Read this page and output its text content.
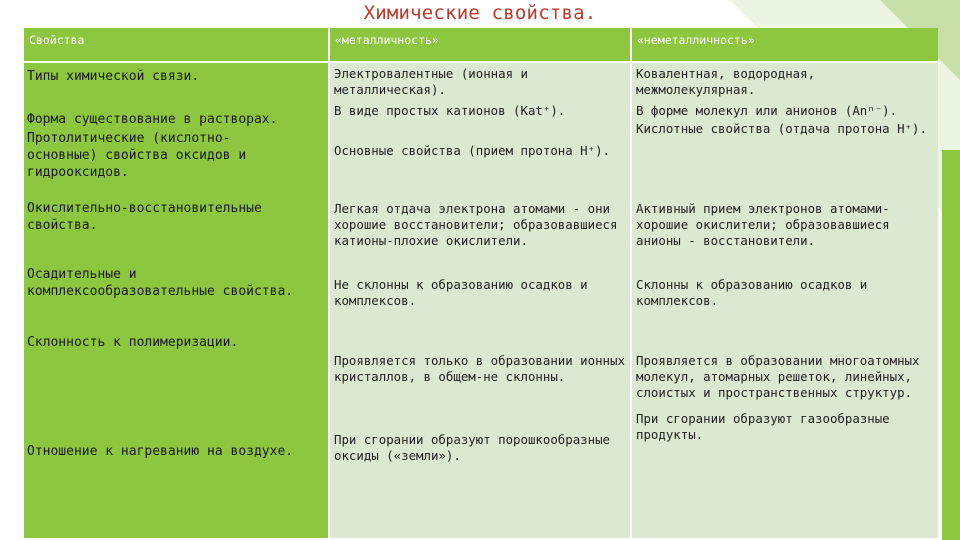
Химические свойства.
Свойства	«металличность»	«неметалличность»
Типы химической связи.
Форма существование в растворах.
Протолитические (кислотно-
основные) свойства оксидов и
гидрооксидов.
Окислительно-восстановительные
свойства.
Осадительные и
комплексообразовательные свойства.
Склонность к полимеризации.
Отношение к нагреванию на воздухе.
Электровалентные (ионная и
металлическая).
В виде простых катионов (Kat⁺).
Основные свойства (прием протона Н⁺).
Легкая отдача электрона атомами - они
хорошие восстановители; образовавшиеся
катионы-плохие окислители.
Не склонны к образованию осадков и
комплексов.
Проявляется только в образовании ионных
кристаллов, в общем-не склонны.
При сгорании образуют порошкообразные
оксиды («земли»).
Ковалентная, водородная,
межмолекулярная.
В форме молекул или анионов (Anⁿ⁻).
Кислотные свойства (отдача протона Н⁺).
Активный прием электронов атомами-
хорошие окислители; образовавшиеся
анионы - восстановители.
Склонны к образованию осадков и
комплексов.
Проявляется в образовании многоатомных
молекул, атомарных решеток, линейных,
слоистых и пространственных структур.
При сгорании образуют газообразные
продукты.
